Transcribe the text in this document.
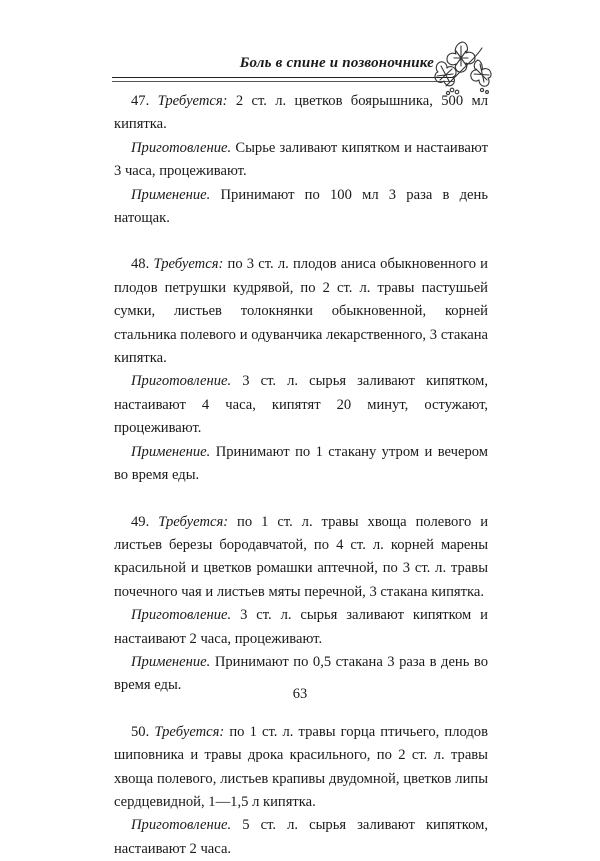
Боль в спине и позвоночнике

47. Требуется: 2 ст. л. цветков боярышника, 500 мл кипятка.

Приготовление. Сырье заливают кипятком и настаивают 3 часа, процеживают.

Применение. Принимают по 100 мл 3 раза в день натощак.

48. Требуется: по 3 ст. л. плодов аниса обыкновенного и плодов петрушки кудрявой, по 2 ст. л. травы пастушьей сумки, листьев толокнянки обыкновенной, корней стальника полевого и одуванчика лекарственного, 3 стакана кипятка.

Приготовление. 3 ст. л. сырья заливают кипятком, настаивают 4 часа, кипятят 20 минут, остужают, процеживают.

Применение. Принимают по 1 стакану утром и вечером во время еды.

49. Требуется: по 1 ст. л. травы хвоща полевого и листьев березы бородавчатой, по 4 ст. л. корней марены красильной и цветков ромашки аптечной, по 3 ст. л. травы почечного чая и листьев мяты перечной, 3 стакана кипятка.

Приготовление. 3 ст. л. сырья заливают кипятком и настаивают 2 часа, процеживают.

Применение. Принимают по 0,5 стакана 3 раза в день во время еды.

50. Требуется: по 1 ст. л. травы горца птичьего, плодов шиповника и травы дрока красильного, по 2 ст. л. травы хвоща полевого, листьев крапивы двудомной, цветков липы сердцевидной, 1—1,5 л кипятка.

Приготовление. 5 ст. л. сырья заливают кипятком, настаивают 2 часа.

63
